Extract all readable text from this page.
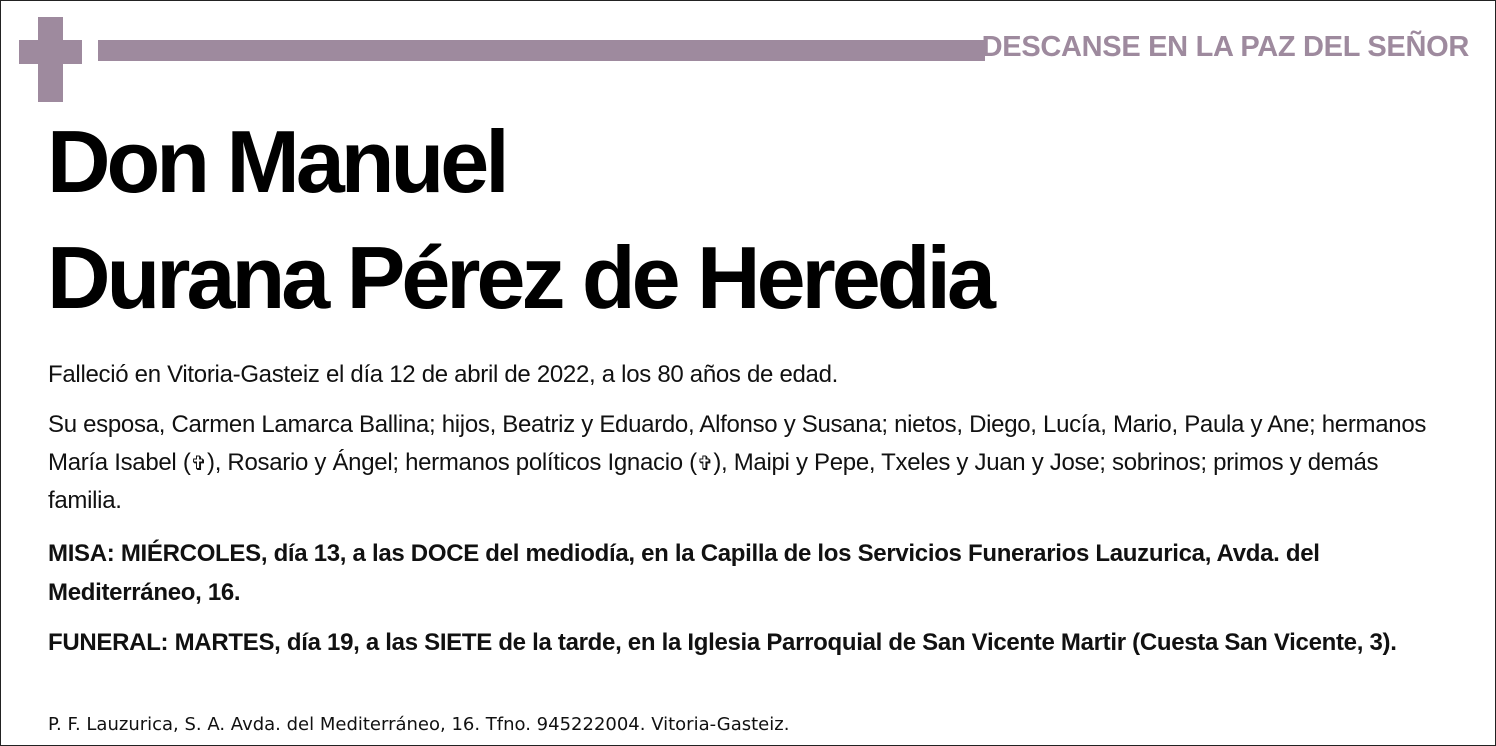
DESCANSE EN LA PAZ DEL SEÑOR
Don Manuel
Durana Pérez de Heredia
Falleció en Vitoria-Gasteiz el día 12 de abril de 2022, a los 80 años de edad.
Su esposa, Carmen Lamarca Ballina; hijos, Beatriz y Eduardo, Alfonso y Susana; nietos, Diego, Lucía, Mario, Paula y Ane; hermanos María Isabel (✞), Rosario y Ángel; hermanos políticos Ignacio (✞), Maipi y Pepe, Txeles y Juan y Jose; sobrinos; primos y demás familia.
MISA: MIÉRCOLES, día 13, a las DOCE del mediodía, en la Capilla de los Servicios Funerarios Lauzurica, Avda. del Mediterráneo, 16.
FUNERAL: MARTES, día 19, a las SIETE de la tarde, en la Iglesia Parroquial de San Vicente Martir (Cuesta San Vicente, 3).
P. F. Lauzurica, S. A. Avda. del Mediterráneo, 16. Tfno. 945222004. Vitoria-Gasteiz.
